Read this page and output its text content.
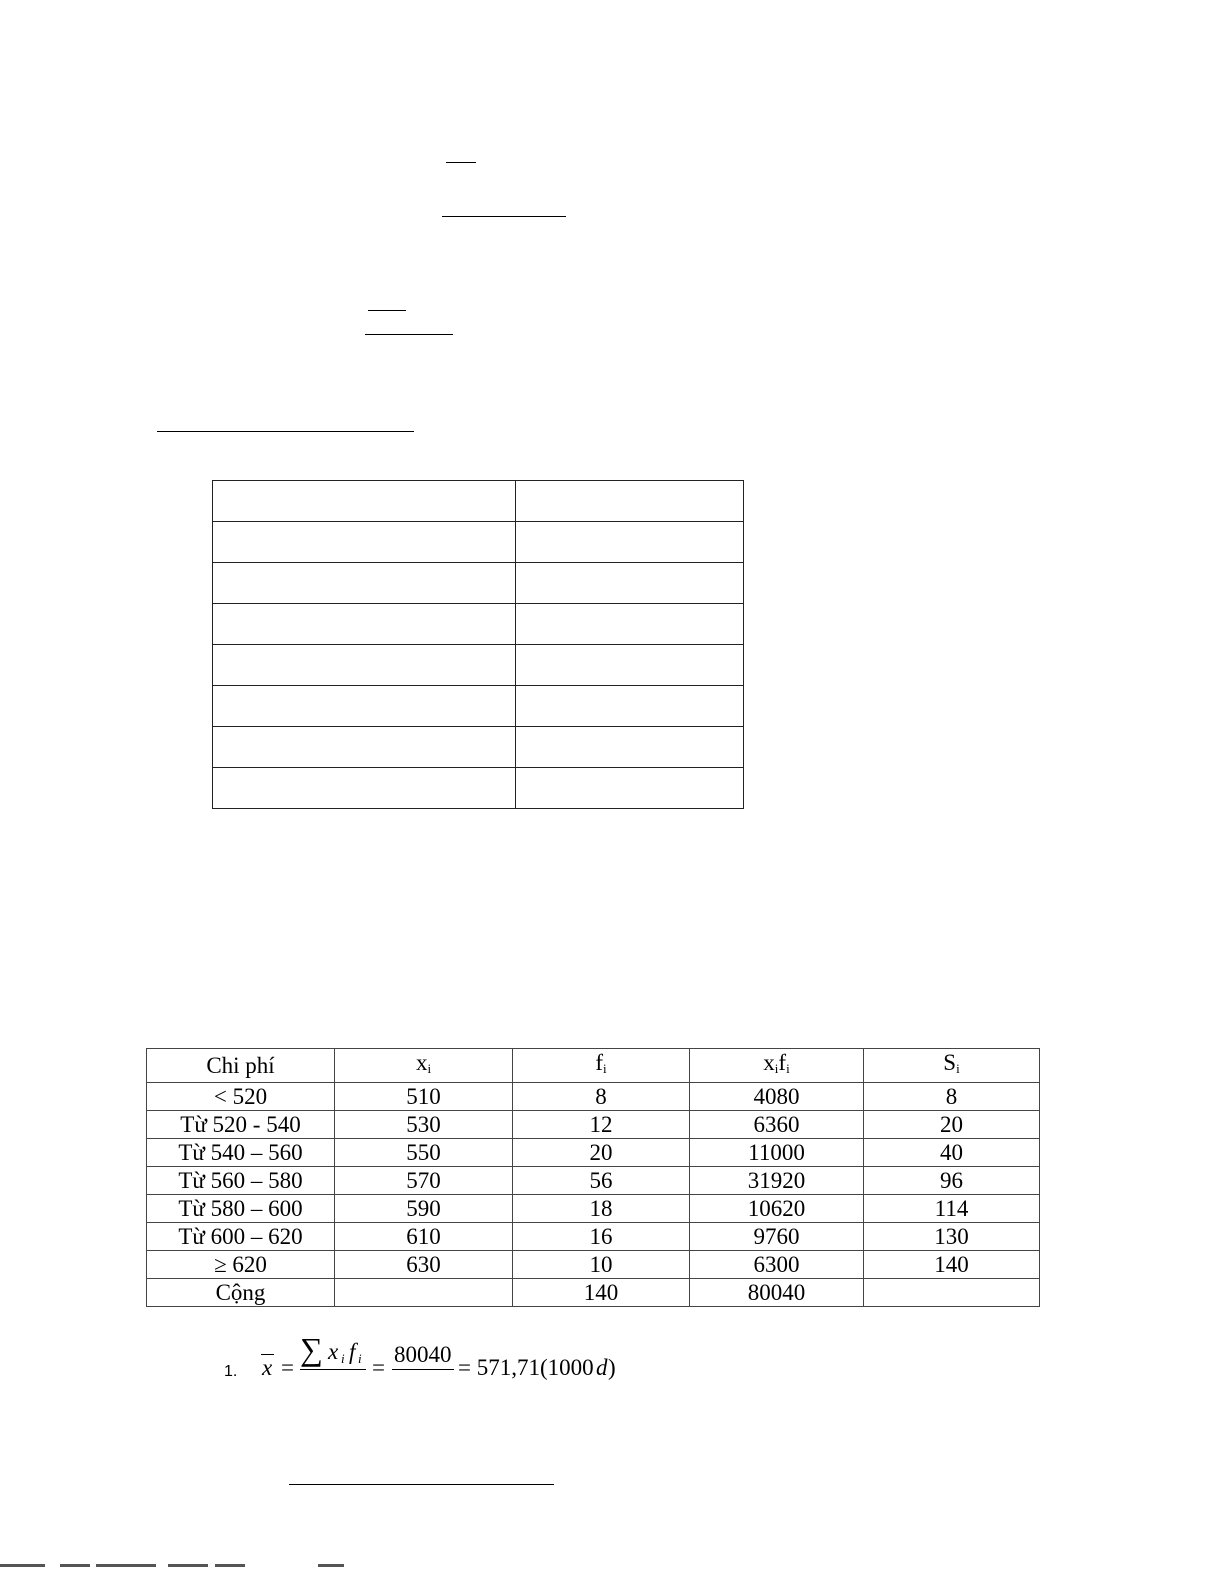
Chi phí	$x_i$	$f_i$	$x_if_i$	$S_i$
< 520	510	8	4080	8
Từ 520 - 540	530	12	6360	20
Từ 540 – 560	550	20	11000	40
Từ 560 – 580	570	56	31920	96
Từ 580 – 600	590	18	10620	114
Từ 600 – 620	610	16	9760	130
≥ 620	630	10	6300	140
Cộng		140	80040	
1. x =
∑ x i f i =
80040
= 571,71(1000 d )
